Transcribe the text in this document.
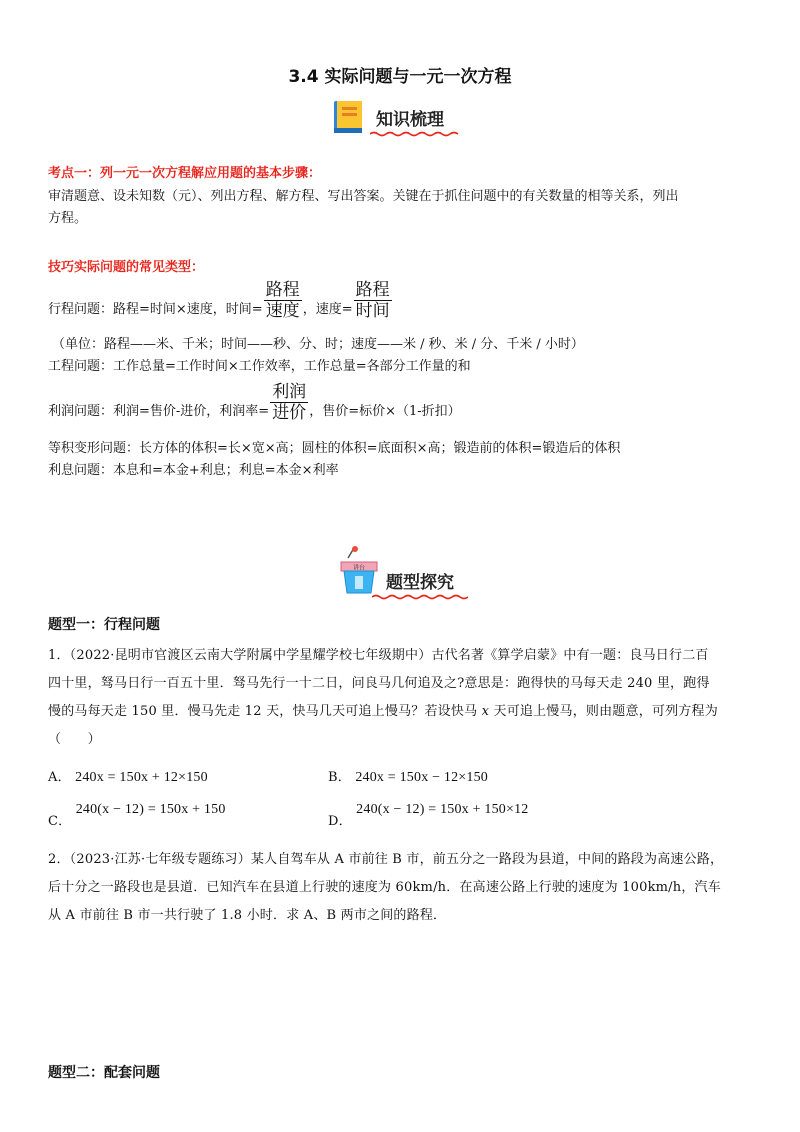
3.4 实际问题与一元一次方程
知识梳理
考点一：列一元一次方程解应用题的基本步骤：
审清题意、设未知数（元）、列出方程、解方程、写出答案。关键在于抓住问题中的有关数量的相等关系，列出
方程。
技巧实际问题的常见类型：
行程问题：路程=时间×速度，时间= $\frac{\text{路程}}{\text{速度}}$ ，速度= $\frac{\text{路程}}{\text{时间}}$
（单位：路程——米、千米；时间——秒、分、时；速度——米 / 秒、米 / 分、千米 / 小时）
工程问题：工作总量=工作时间×工作效率，工作总量=各部分工作量的和
利润问题：利润=售价-进价，利润率= $\frac{\text{利润}}{\text{进价}}$ ，售价=标价×（1-折扣）
等积变形问题：长方体的体积=长×宽×高；圆柱的体积=底面积×高；锻造前的体积=锻造后的体积
利息问题：本息和=本金+利息；利息=本金×利率
讲台
题型探究
题型一：行程问题
1．（2022·昆明市官渡区云南大学附属中学星耀学校七年级期中）古代名著《算学启蒙》中有一题：良马日行二百
四十里，驽马日行一百五十里．驽马先行一十二日，问良马几何追及之?意思是：跑得快的马每天走 240 里，跑得
慢的马每天走 150 里．慢马先走 12 天，快马几天可追上慢马？若设快马 x 天可追上慢马，则由题意，可列方程为
（　　）
A． 240x = 150x + 12×150	B． 240x = 150x − 12×150
C． 240(x − 12) = 150x + 150
D． 240(x − 12) = 150x + 150×12
2．（2023·江苏·七年级专题练习）某人自驾车从 A 市前往 B 市，前五分之一路段为县道，中间的路段为高速公路，
后十分之一路段也是县道．已知汽车在县道上行驶的速度为 60km/h．在高速公路上行驶的速度为 100km/h，汽车
从 A 市前往 B 市一共行驶了 1.8 小时．求 A、B 两市之间的路程．
题型二：配套问题
